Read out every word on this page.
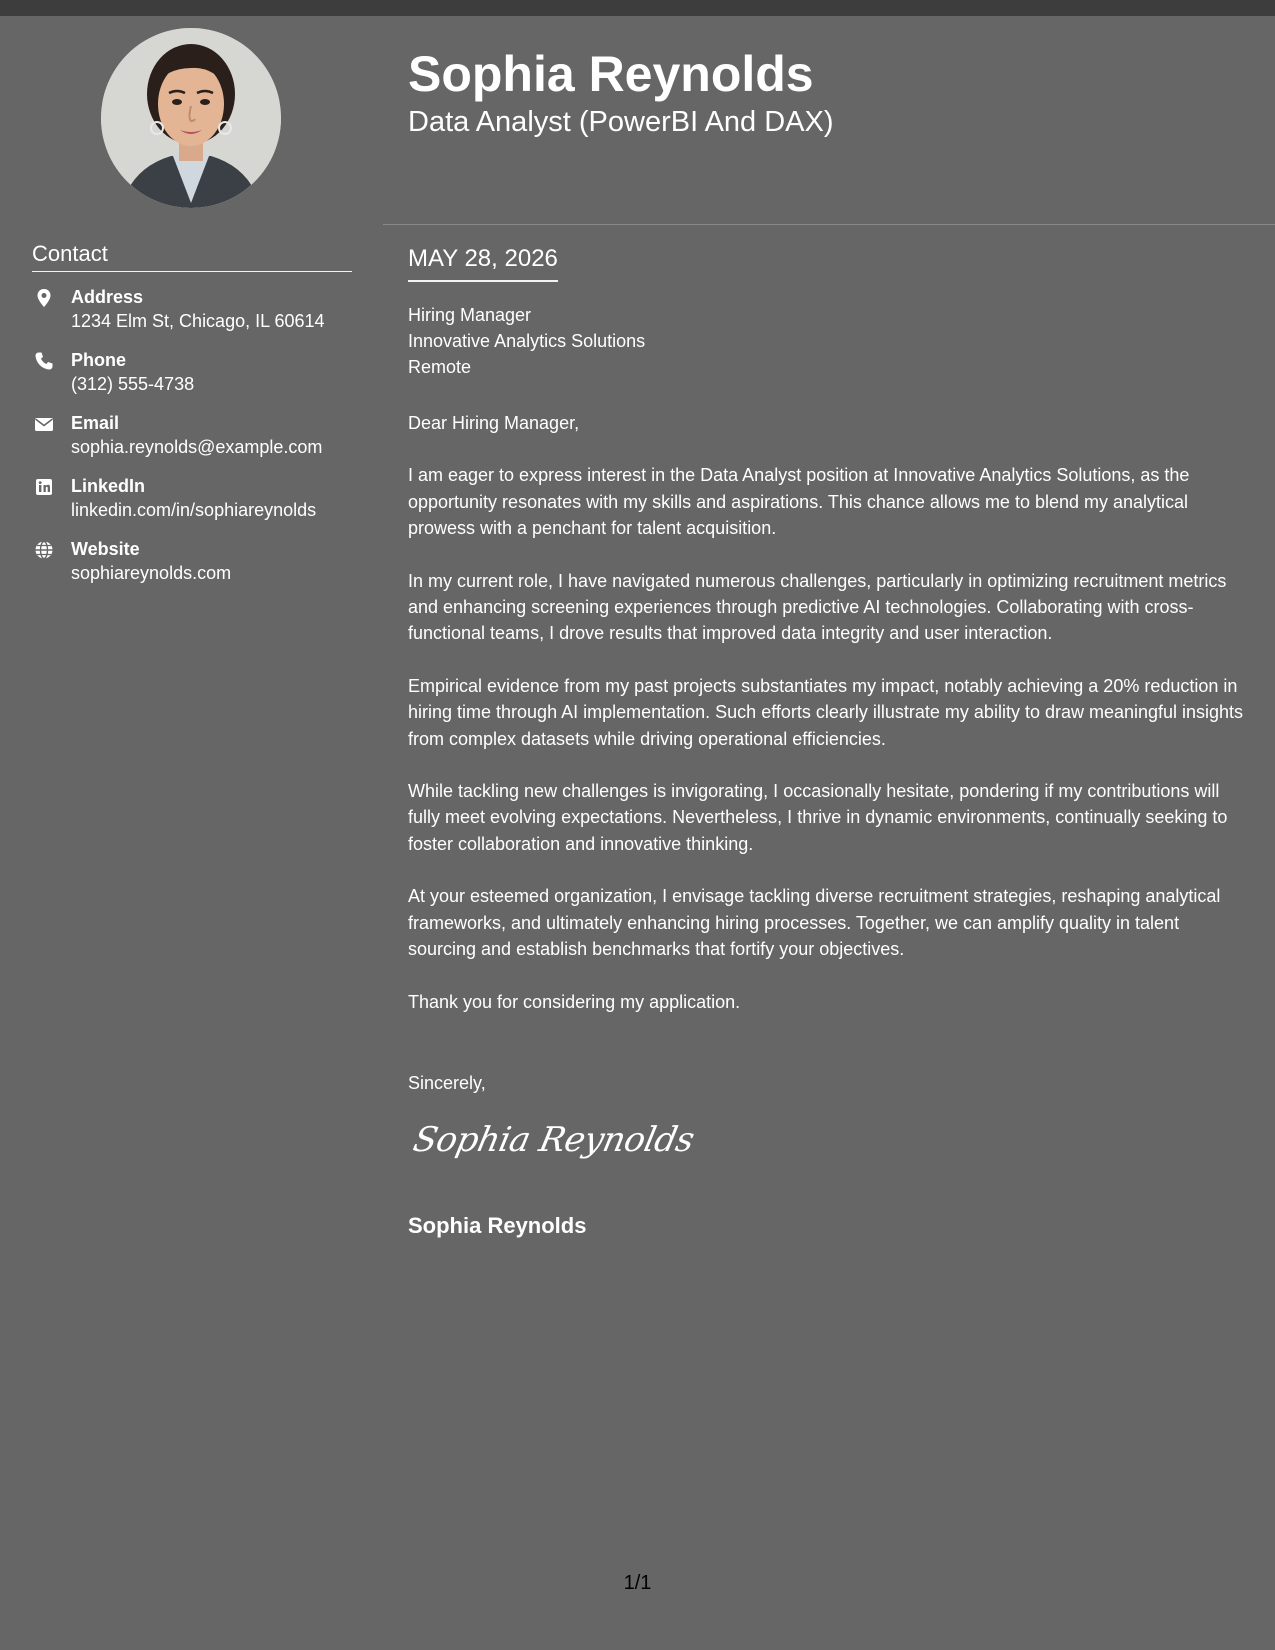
Contact
Address
1234 Elm St, Chicago, IL 60614
Phone
(312) 555-4738
Email
sophia.reynolds@example.com
LinkedIn
linkedin.com/in/sophiareynolds
Website
sophiareynolds.com
Sophia Reynolds
Data Analyst (PowerBI And DAX)
MAY 28, 2026
Hiring Manager
Innovative Analytics Solutions
Remote

Dear Hiring Manager,

I am eager to express interest in the Data Analyst position at Innovative Analytics Solutions, as the opportunity resonates with my skills and aspirations. This chance allows me to blend my analytical prowess with a penchant for talent acquisition.

In my current role, I have navigated numerous challenges, particularly in optimizing recruitment metrics and enhancing screening experiences through predictive AI technologies. Collaborating with cross-functional teams, I drove results that improved data integrity and user interaction.

Empirical evidence from my past projects substantiates my impact, notably achieving a 20% reduction in hiring time through AI implementation. Such efforts clearly illustrate my ability to draw meaningful insights from complex datasets while driving operational efficiencies.

While tackling new challenges is invigorating, I occasionally hesitate, pondering if my contributions will fully meet evolving expectations. Nevertheless, I thrive in dynamic environments, continually seeking to foster collaboration and innovative thinking.

At your esteemed organization, I envisage tackling diverse recruitment strategies, reshaping analytical frameworks, and ultimately enhancing hiring processes. Together, we can amplify quality in talent sourcing and establish benchmarks that fortify your objectives.

Thank you for considering my application.

Sincerely,
Sophia Reynolds
Sophia Reynolds
1/1
